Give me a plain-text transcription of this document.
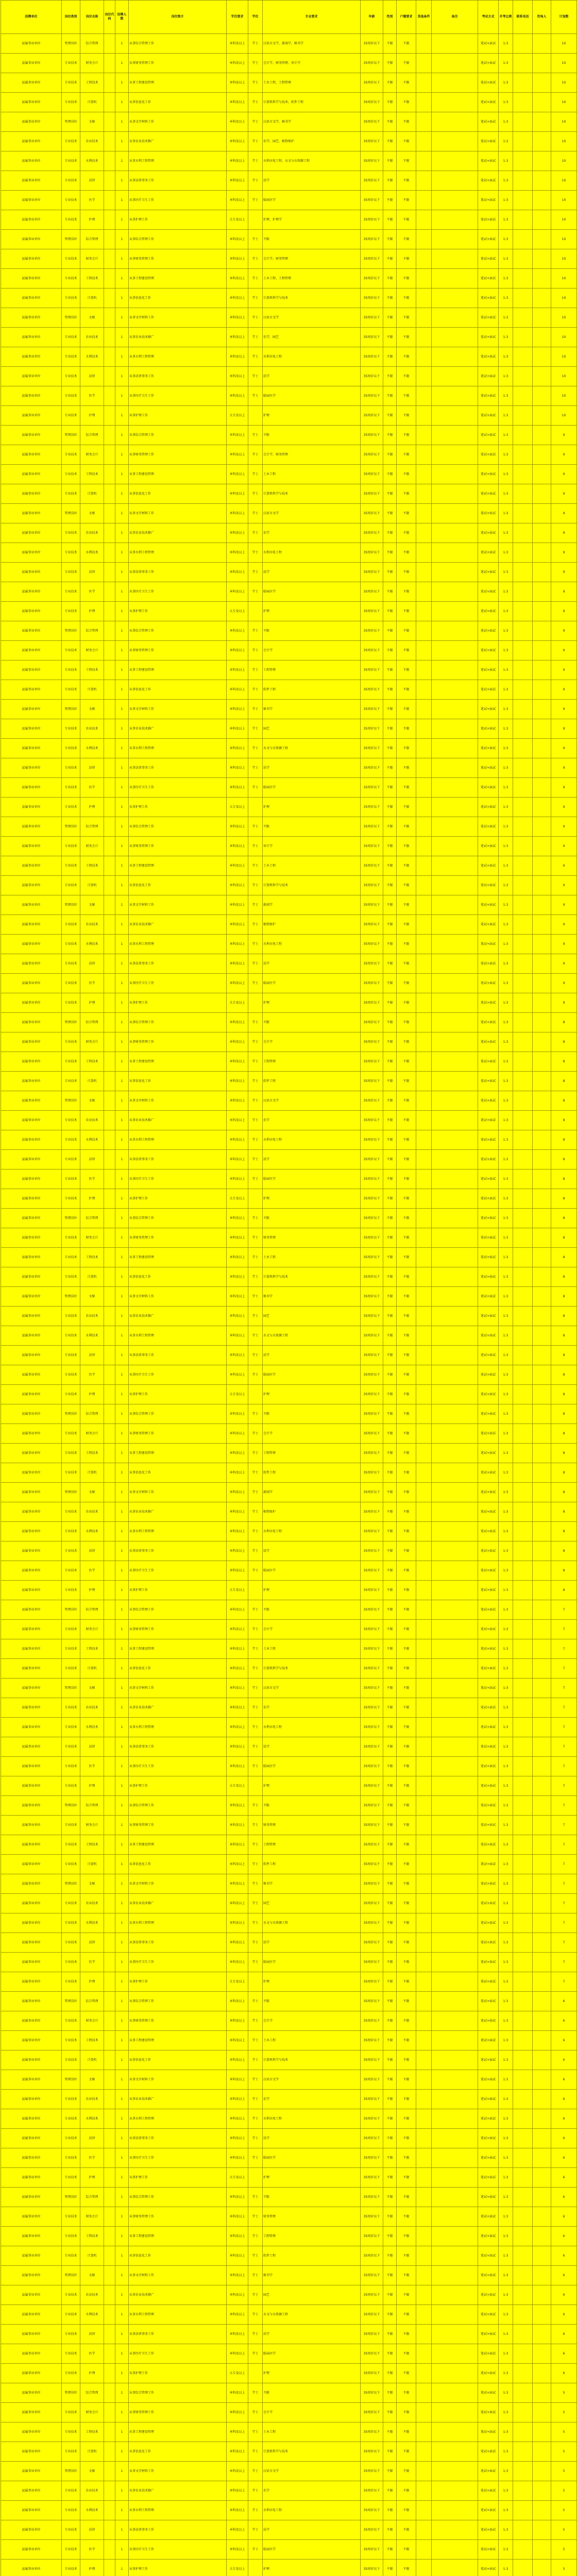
招聘单位	岗位类别	岗位名称	岗位代码	招聘人数	岗位简介	学历要求	学位	专业要求	年龄	性别	户籍要求	其他条件	备注	考试方式	开考比例	联系电话	咨询人	计划数
县属事业单位	管理岗位	综合管理		1	从事综合管理工作	本科及以上	学士	汉语言文学、新闻学、秘书学	35周岁以下	不限	不限			笔试+面试	1:3			10
县属事业单位	专业技术	财务会计		1	从事财务管理工作	本科及以上	学士	会计学、财务管理、审计学	35周岁以下	不限	不限			笔试+面试	1:3			10
县属事业单位	专业技术	工程技术		1	从事工程建设管理	本科及以上	学士	土木工程、工程管理	35周岁以下	不限	不限			笔试+面试	1:3			10
县属事业单位	专业技术	计算机		1	从事信息化工作	本科及以上	学士	计算机科学与技术、软件工程	35周岁以下	不限	不限			笔试+面试	1:3			10
县属事业单位	管理岗位	文秘		1	从事文字材料工作	本科及以上	学士	汉语言文学、秘书学	35周岁以下	不限	不限			笔试+面试	1:3			10
县属事业单位	专业技术	农业技术		1	从事农业技术推广	本科及以上	学士	农学、园艺、植物保护	35周岁以下	不限	不限			笔试+面试	1:3			10
县属事业单位	专业技术	水利技术		1	从事水利工程管理	本科及以上	学士	水利水电工程、水文与水资源工程	35周岁以下	不限	不限			笔试+面试	1:3			10
县属事业单位	专业技术	法律		1	从事法律事务工作	本科及以上	学士	法学	35周岁以下	不限	不限			笔试+面试	1:3			10
县属事业单位	专业技术	医学		1	从事医疗卫生工作	本科及以上	学士	临床医学	35周岁以下	不限	不限			笔试+面试	1:3			10
县属事业单位	专业技术	护理		1	从事护理工作	大专及以上		护理、护理学	35周岁以下	不限	不限			笔试+面试	1:3			10
县属事业单位	管理岗位	综合管理		1	从事综合管理工作	本科及以上	学士	不限	35周岁以下	不限	不限			笔试+面试	1:3			10
县属事业单位	专业技术	财务会计		1	从事财务管理工作	本科及以上	学士	会计学、财务管理	35周岁以下	不限	不限			笔试+面试	1:3			10
县属事业单位	专业技术	工程技术		1	从事工程建设管理	本科及以上	学士	土木工程、工程管理	35周岁以下	不限	不限			笔试+面试	1:3			10
县属事业单位	专业技术	计算机		1	从事信息化工作	本科及以上	学士	计算机科学与技术	35周岁以下	不限	不限			笔试+面试	1:3			10
县属事业单位	管理岗位	文秘		1	从事文字材料工作	本科及以上	学士	汉语言文学	35周岁以下	不限	不限			笔试+面试	1:3			10
县属事业单位	专业技术	农业技术		1	从事农业技术推广	本科及以上	学士	农学、园艺	35周岁以下	不限	不限			笔试+面试	1:3			10
县属事业单位	专业技术	水利技术		1	从事水利工程管理	本科及以上	学士	水利水电工程	35周岁以下	不限	不限			笔试+面试	1:3			10
县属事业单位	专业技术	法律		1	从事法律事务工作	本科及以上	学士	法学	35周岁以下	不限	不限			笔试+面试	1:3			10
县属事业单位	专业技术	医学		1	从事医疗卫生工作	本科及以上	学士	临床医学	35周岁以下	不限	不限			笔试+面试	1:3			10
县属事业单位	专业技术	护理		1	从事护理工作	大专及以上		护理	35周岁以下	不限	不限			笔试+面试	1:3			10
县属事业单位	管理岗位	综合管理		1	从事综合管理工作	本科及以上	学士	不限	35周岁以下	不限	不限			笔试+面试	1:3			9
县属事业单位	专业技术	财务会计		1	从事财务管理工作	本科及以上	学士	会计学、财务管理	35周岁以下	不限	不限			笔试+面试	1:3			9
县属事业单位	专业技术	工程技术		1	从事工程建设管理	本科及以上	学士	土木工程	35周岁以下	不限	不限			笔试+面试	1:3			9
县属事业单位	专业技术	计算机		1	从事信息化工作	本科及以上	学士	计算机科学与技术	35周岁以下	不限	不限			笔试+面试	1:3			9
县属事业单位	管理岗位	文秘		1	从事文字材料工作	本科及以上	学士	汉语言文学	35周岁以下	不限	不限			笔试+面试	1:3			9
县属事业单位	专业技术	农业技术		1	从事农业技术推广	本科及以上	学士	农学	35周岁以下	不限	不限			笔试+面试	1:3			9
县属事业单位	专业技术	水利技术		1	从事水利工程管理	本科及以上	学士	水利水电工程	35周岁以下	不限	不限			笔试+面试	1:3			9
县属事业单位	专业技术	法律		1	从事法律事务工作	本科及以上	学士	法学	35周岁以下	不限	不限			笔试+面试	1:3			9
县属事业单位	专业技术	医学		1	从事医疗卫生工作	本科及以上	学士	临床医学	35周岁以下	不限	不限			笔试+面试	1:3			9
县属事业单位	专业技术	护理		1	从事护理工作	大专及以上		护理	35周岁以下	不限	不限			笔试+面试	1:3			9
县属事业单位	管理岗位	综合管理		1	从事综合管理工作	本科及以上	学士	不限	35周岁以下	不限	不限			笔试+面试	1:3			9
县属事业单位	专业技术	财务会计		1	从事财务管理工作	本科及以上	学士	会计学	35周岁以下	不限	不限			笔试+面试	1:3			9
县属事业单位	专业技术	工程技术		1	从事工程建设管理	本科及以上	学士	工程管理	35周岁以下	不限	不限			笔试+面试	1:3			9
县属事业单位	专业技术	计算机		1	从事信息化工作	本科及以上	学士	软件工程	35周岁以下	不限	不限			笔试+面试	1:3			9
县属事业单位	管理岗位	文秘		1	从事文字材料工作	本科及以上	学士	秘书学	35周岁以下	不限	不限			笔试+面试	1:3			9
县属事业单位	专业技术	农业技术		1	从事农业技术推广	本科及以上	学士	园艺	35周岁以下	不限	不限			笔试+面试	1:3			9
县属事业单位	专业技术	水利技术		1	从事水利工程管理	本科及以上	学士	水文与水资源工程	35周岁以下	不限	不限			笔试+面试	1:3			9
县属事业单位	专业技术	法律		1	从事法律事务工作	本科及以上	学士	法学	35周岁以下	不限	不限			笔试+面试	1:3			9
县属事业单位	专业技术	医学		1	从事医疗卫生工作	本科及以上	学士	临床医学	35周岁以下	不限	不限			笔试+面试	1:3			9
县属事业单位	专业技术	护理		1	从事护理工作	大专及以上		护理	35周岁以下	不限	不限			笔试+面试	1:3			9
县属事业单位	管理岗位	综合管理		1	从事综合管理工作	本科及以上	学士	不限	35周岁以下	不限	不限			笔试+面试	1:3			9
县属事业单位	专业技术	财务会计		1	从事财务管理工作	本科及以上	学士	审计学	35周岁以下	不限	不限			笔试+面试	1:3			9
县属事业单位	专业技术	工程技术		1	从事工程建设管理	本科及以上	学士	土木工程	35周岁以下	不限	不限			笔试+面试	1:3			9
县属事业单位	专业技术	计算机		1	从事信息化工作	本科及以上	学士	计算机科学与技术	35周岁以下	不限	不限			笔试+面试	1:3			9
县属事业单位	管理岗位	文秘		1	从事文字材料工作	本科及以上	学士	新闻学	35周岁以下	不限	不限			笔试+面试	1:3			9
县属事业单位	专业技术	农业技术		1	从事农业技术推广	本科及以上	学士	植物保护	35周岁以下	不限	不限			笔试+面试	1:3			9
县属事业单位	专业技术	水利技术		1	从事水利工程管理	本科及以上	学士	水利水电工程	35周岁以下	不限	不限			笔试+面试	1:3			9
县属事业单位	专业技术	法律		1	从事法律事务工作	本科及以上	学士	法学	35周岁以下	不限	不限			笔试+面试	1:3			9
县属事业单位	专业技术	医学		1	从事医疗卫生工作	本科及以上	学士	临床医学	35周岁以下	不限	不限			笔试+面试	1:3			9
县属事业单位	专业技术	护理		1	从事护理工作	大专及以上		护理	35周岁以下	不限	不限			笔试+面试	1:3			9
县属事业单位	管理岗位	综合管理		1	从事综合管理工作	本科及以上	学士	不限	35周岁以下	不限	不限			笔试+面试	1:3			8
县属事业单位	专业技术	财务会计		1	从事财务管理工作	本科及以上	学士	会计学	35周岁以下	不限	不限			笔试+面试	1:3			8
县属事业单位	专业技术	工程技术		1	从事工程建设管理	本科及以上	学士	工程管理	35周岁以下	不限	不限			笔试+面试	1:3			8
县属事业单位	专业技术	计算机		1	从事信息化工作	本科及以上	学士	软件工程	35周岁以下	不限	不限			笔试+面试	1:3			8
县属事业单位	管理岗位	文秘		1	从事文字材料工作	本科及以上	学士	汉语言文学	35周岁以下	不限	不限			笔试+面试	1:3			8
县属事业单位	专业技术	农业技术		1	从事农业技术推广	本科及以上	学士	农学	35周岁以下	不限	不限			笔试+面试	1:3			8
县属事业单位	专业技术	水利技术		1	从事水利工程管理	本科及以上	学士	水利水电工程	35周岁以下	不限	不限			笔试+面试	1:3			8
县属事业单位	专业技术	法律		1	从事法律事务工作	本科及以上	学士	法学	35周岁以下	不限	不限			笔试+面试	1:3			8
县属事业单位	专业技术	医学		1	从事医疗卫生工作	本科及以上	学士	临床医学	35周岁以下	不限	不限			笔试+面试	1:3			8
县属事业单位	专业技术	护理		1	从事护理工作	大专及以上		护理	35周岁以下	不限	不限			笔试+面试	1:3			8
县属事业单位	管理岗位	综合管理		1	从事综合管理工作	本科及以上	学士	不限	35周岁以下	不限	不限			笔试+面试	1:3			8
县属事业单位	专业技术	财务会计		1	从事财务管理工作	本科及以上	学士	财务管理	35周岁以下	不限	不限			笔试+面试	1:3			8
县属事业单位	专业技术	工程技术		1	从事工程建设管理	本科及以上	学士	土木工程	35周岁以下	不限	不限			笔试+面试	1:3			8
县属事业单位	专业技术	计算机		1	从事信息化工作	本科及以上	学士	计算机科学与技术	35周岁以下	不限	不限			笔试+面试	1:3			8
县属事业单位	管理岗位	文秘		1	从事文字材料工作	本科及以上	学士	秘书学	35周岁以下	不限	不限			笔试+面试	1:3			8
县属事业单位	专业技术	农业技术		1	从事农业技术推广	本科及以上	学士	园艺	35周岁以下	不限	不限			笔试+面试	1:3			8
县属事业单位	专业技术	水利技术		1	从事水利工程管理	本科及以上	学士	水文与水资源工程	35周岁以下	不限	不限			笔试+面试	1:3			8
县属事业单位	专业技术	法律		1	从事法律事务工作	本科及以上	学士	法学	35周岁以下	不限	不限			笔试+面试	1:3			8
县属事业单位	专业技术	医学		1	从事医疗卫生工作	本科及以上	学士	临床医学	35周岁以下	不限	不限			笔试+面试	1:3			8
县属事业单位	专业技术	护理		1	从事护理工作	大专及以上		护理	35周岁以下	不限	不限			笔试+面试	1:3			8
县属事业单位	管理岗位	综合管理		1	从事综合管理工作	本科及以上	学士	不限	35周岁以下	不限	不限			笔试+面试	1:3			8
县属事业单位	专业技术	财务会计		1	从事财务管理工作	本科及以上	学士	会计学	35周岁以下	不限	不限			笔试+面试	1:3			8
县属事业单位	专业技术	工程技术		1	从事工程建设管理	本科及以上	学士	工程管理	35周岁以下	不限	不限			笔试+面试	1:3			8
县属事业单位	专业技术	计算机		1	从事信息化工作	本科及以上	学士	软件工程	35周岁以下	不限	不限			笔试+面试	1:3			8
县属事业单位	管理岗位	文秘		1	从事文字材料工作	本科及以上	学士	新闻学	35周岁以下	不限	不限			笔试+面试	1:3			8
县属事业单位	专业技术	农业技术		1	从事农业技术推广	本科及以上	学士	植物保护	35周岁以下	不限	不限			笔试+面试	1:3			8
县属事业单位	专业技术	水利技术		1	从事水利工程管理	本科及以上	学士	水利水电工程	35周岁以下	不限	不限			笔试+面试	1:3			8
县属事业单位	专业技术	法律		1	从事法律事务工作	本科及以上	学士	法学	35周岁以下	不限	不限			笔试+面试	1:3			8
县属事业单位	专业技术	医学		1	从事医疗卫生工作	本科及以上	学士	临床医学	35周岁以下	不限	不限			笔试+面试	1:3			8
县属事业单位	专业技术	护理		1	从事护理工作	大专及以上		护理	35周岁以下	不限	不限			笔试+面试	1:3			8
县属事业单位	管理岗位	综合管理		1	从事综合管理工作	本科及以上	学士	不限	35周岁以下	不限	不限			笔试+面试	1:3			7
县属事业单位	专业技术	财务会计		1	从事财务管理工作	本科及以上	学士	会计学	35周岁以下	不限	不限			笔试+面试	1:3			7
县属事业单位	专业技术	工程技术		1	从事工程建设管理	本科及以上	学士	土木工程	35周岁以下	不限	不限			笔试+面试	1:3			7
县属事业单位	专业技术	计算机		1	从事信息化工作	本科及以上	学士	计算机科学与技术	35周岁以下	不限	不限			笔试+面试	1:3			7
县属事业单位	管理岗位	文秘		1	从事文字材料工作	本科及以上	学士	汉语言文学	35周岁以下	不限	不限			笔试+面试	1:3			7
县属事业单位	专业技术	农业技术		1	从事农业技术推广	本科及以上	学士	农学	35周岁以下	不限	不限			笔试+面试	1:3			7
县属事业单位	专业技术	水利技术		1	从事水利工程管理	本科及以上	学士	水利水电工程	35周岁以下	不限	不限			笔试+面试	1:3			7
县属事业单位	专业技术	法律		1	从事法律事务工作	本科及以上	学士	法学	35周岁以下	不限	不限			笔试+面试	1:3			7
县属事业单位	专业技术	医学		1	从事医疗卫生工作	本科及以上	学士	临床医学	35周岁以下	不限	不限			笔试+面试	1:3			7
县属事业单位	专业技术	护理		1	从事护理工作	大专及以上		护理	35周岁以下	不限	不限			笔试+面试	1:3			7
县属事业单位	管理岗位	综合管理		1	从事综合管理工作	本科及以上	学士	不限	35周岁以下	不限	不限			笔试+面试	1:3			7
县属事业单位	专业技术	财务会计		1	从事财务管理工作	本科及以上	学士	财务管理	35周岁以下	不限	不限			笔试+面试	1:3			7
县属事业单位	专业技术	工程技术		1	从事工程建设管理	本科及以上	学士	工程管理	35周岁以下	不限	不限			笔试+面试	1:3			7
县属事业单位	专业技术	计算机		1	从事信息化工作	本科及以上	学士	软件工程	35周岁以下	不限	不限			笔试+面试	1:3			7
县属事业单位	管理岗位	文秘		1	从事文字材料工作	本科及以上	学士	秘书学	35周岁以下	不限	不限			笔试+面试	1:3			7
县属事业单位	专业技术	农业技术		1	从事农业技术推广	本科及以上	学士	园艺	35周岁以下	不限	不限			笔试+面试	1:3			7
县属事业单位	专业技术	水利技术		1	从事水利工程管理	本科及以上	学士	水文与水资源工程	35周岁以下	不限	不限			笔试+面试	1:3			7
县属事业单位	专业技术	法律		1	从事法律事务工作	本科及以上	学士	法学	35周岁以下	不限	不限			笔试+面试	1:3			7
县属事业单位	专业技术	医学		1	从事医疗卫生工作	本科及以上	学士	临床医学	35周岁以下	不限	不限			笔试+面试	1:3			7
县属事业单位	专业技术	护理		1	从事护理工作	大专及以上		护理	35周岁以下	不限	不限			笔试+面试	1:3			7
县属事业单位	管理岗位	综合管理		1	从事综合管理工作	本科及以上	学士	不限	35周岁以下	不限	不限			笔试+面试	1:3			6
县属事业单位	专业技术	财务会计		1	从事财务管理工作	本科及以上	学士	会计学	35周岁以下	不限	不限			笔试+面试	1:3			6
县属事业单位	专业技术	工程技术		1	从事工程建设管理	本科及以上	学士	土木工程	35周岁以下	不限	不限			笔试+面试	1:3			6
县属事业单位	专业技术	计算机		1	从事信息化工作	本科及以上	学士	计算机科学与技术	35周岁以下	不限	不限			笔试+面试	1:3			6
县属事业单位	管理岗位	文秘		1	从事文字材料工作	本科及以上	学士	汉语言文学	35周岁以下	不限	不限			笔试+面试	1:3			6
县属事业单位	专业技术	农业技术		1	从事农业技术推广	本科及以上	学士	农学	35周岁以下	不限	不限			笔试+面试	1:3			6
县属事业单位	专业技术	水利技术		1	从事水利工程管理	本科及以上	学士	水利水电工程	35周岁以下	不限	不限			笔试+面试	1:3			6
县属事业单位	专业技术	法律		1	从事法律事务工作	本科及以上	学士	法学	35周岁以下	不限	不限			笔试+面试	1:3			6
县属事业单位	专业技术	医学		1	从事医疗卫生工作	本科及以上	学士	临床医学	35周岁以下	不限	不限			笔试+面试	1:3			6
县属事业单位	专业技术	护理		1	从事护理工作	大专及以上		护理	35周岁以下	不限	不限			笔试+面试	1:3			6
县属事业单位	管理岗位	综合管理		1	从事综合管理工作	本科及以上	学士	不限	35周岁以下	不限	不限			笔试+面试	1:3			6
县属事业单位	专业技术	财务会计		1	从事财务管理工作	本科及以上	学士	财务管理	35周岁以下	不限	不限			笔试+面试	1:3			6
县属事业单位	专业技术	工程技术		1	从事工程建设管理	本科及以上	学士	工程管理	35周岁以下	不限	不限			笔试+面试	1:3			6
县属事业单位	专业技术	计算机		1	从事信息化工作	本科及以上	学士	软件工程	35周岁以下	不限	不限			笔试+面试	1:3			6
县属事业单位	管理岗位	文秘		1	从事文字材料工作	本科及以上	学士	秘书学	35周岁以下	不限	不限			笔试+面试	1:3			6
县属事业单位	专业技术	农业技术		1	从事农业技术推广	本科及以上	学士	园艺	35周岁以下	不限	不限			笔试+面试	1:3			6
县属事业单位	专业技术	水利技术		1	从事水利工程管理	本科及以上	学士	水文与水资源工程	35周岁以下	不限	不限			笔试+面试	1:3			6
县属事业单位	专业技术	法律		1	从事法律事务工作	本科及以上	学士	法学	35周岁以下	不限	不限			笔试+面试	1:3			6
县属事业单位	专业技术	医学		1	从事医疗卫生工作	本科及以上	学士	临床医学	35周岁以下	不限	不限			笔试+面试	1:3			6
县属事业单位	专业技术	护理		1	从事护理工作	大专及以上		护理	35周岁以下	不限	不限			笔试+面试	1:3			6
县属事业单位	管理岗位	综合管理		1	从事综合管理工作	本科及以上	学士	不限	35周岁以下	不限	不限			笔试+面试	1:3			5
县属事业单位	专业技术	财务会计		1	从事财务管理工作	本科及以上	学士	会计学	35周岁以下	不限	不限			笔试+面试	1:3			5
县属事业单位	专业技术	工程技术		1	从事工程建设管理	本科及以上	学士	土木工程	35周岁以下	不限	不限			笔试+面试	1:3			5
县属事业单位	专业技术	计算机		1	从事信息化工作	本科及以上	学士	计算机科学与技术	35周岁以下	不限	不限			笔试+面试	1:3			5
县属事业单位	管理岗位	文秘		1	从事文字材料工作	本科及以上	学士	汉语言文学	35周岁以下	不限	不限			笔试+面试	1:3			5
县属事业单位	专业技术	农业技术		1	从事农业技术推广	本科及以上	学士	农学	35周岁以下	不限	不限			笔试+面试	1:3			5
县属事业单位	专业技术	水利技术		1	从事水利工程管理	本科及以上	学士	水利水电工程	35周岁以下	不限	不限			笔试+面试	1:3			5
县属事业单位	专业技术	法律		1	从事法律事务工作	本科及以上	学士	法学	35周岁以下	不限	不限			笔试+面试	1:3			5
县属事业单位	专业技术	医学		1	从事医疗卫生工作	本科及以上	学士	临床医学	35周岁以下	不限	不限			笔试+面试	1:3			5
县属事业单位	专业技术	护理		1	从事护理工作	大专及以上		护理	35周岁以下	不限	不限			笔试+面试	1:3			5
